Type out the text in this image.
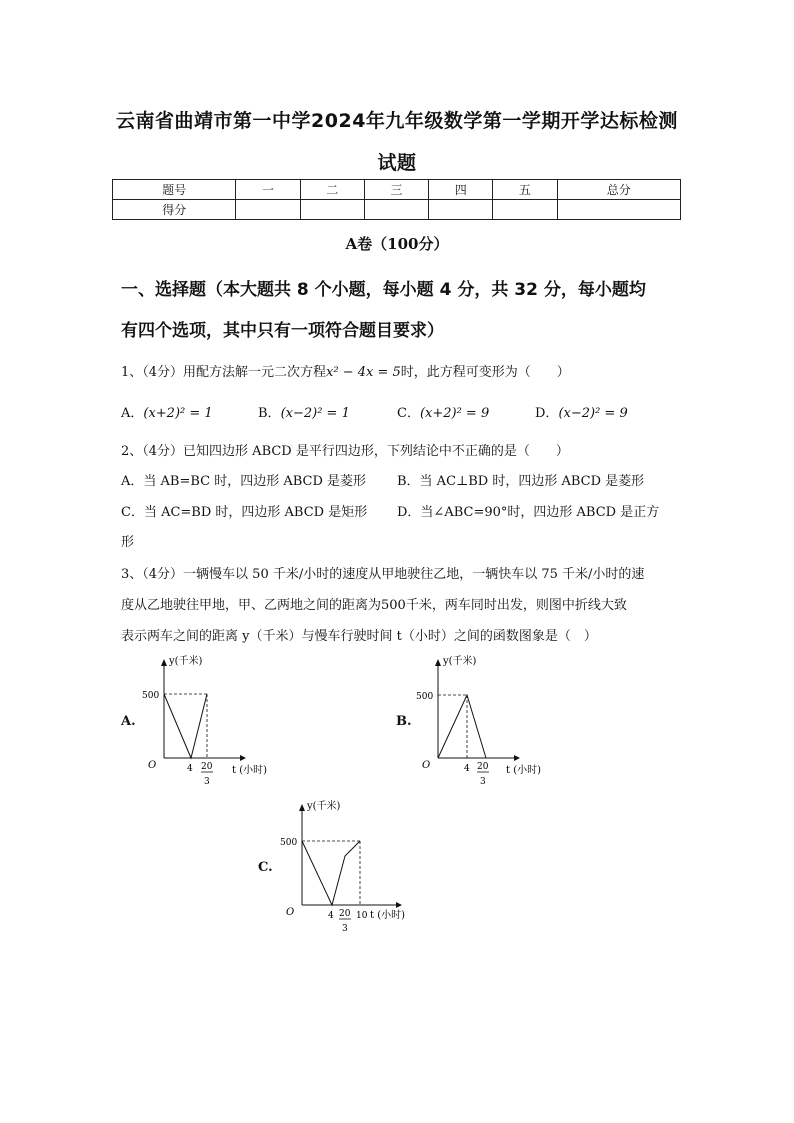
云南省曲靖市第一中学2024年九年级数学第一学期开学达标检测
试题
题号	一	二	三	四	五	总分
得分						
A卷（100分）
一、选择题（本大题共 8 个小题，每小题 4 分，共 32 分，每小题均
有四个选项，其中只有一项符合题目要求）
1、（4分）用配方法解一元二次方程x² − 4x = 5时，此方程可变形为（　　）
A．(x+2)² = 1	B．(x−2)² = 1	C．(x+2)² = 9	D．(x−2)² = 9
2、（4分）已知四边形 ABCD 是平行四边形，下列结论中不正确的是（　　）
A．当 AB=BC 时，四边形 ABCD 是菱形 B．当 AC⊥BD 时，四边形 ABCD 是菱形
C．当 AC=BD 时，四边形 ABCD 是矩形 D．当∠ABC=90°时，四边形 ABCD 是正方
形
3、（4分）一辆慢车以 50 千米/小时的速度从甲地驶往乙地，一辆快车以 75 千米/小时的速
度从乙地驶往甲地，甲、乙两地之间的距离为500千米，两车同时出发，则图中折线大致
表示两车之间的距离 y（千米）与慢车行驶时间 t（小时）之间的函数图象是（　）
A.
y(千米)
500
O	4 20
3
t (小时)
B.
y(千米)
500
O	4 20
3
t (小时)
C.
y(千米)
500
O	4 20
3
10 t (小时)
